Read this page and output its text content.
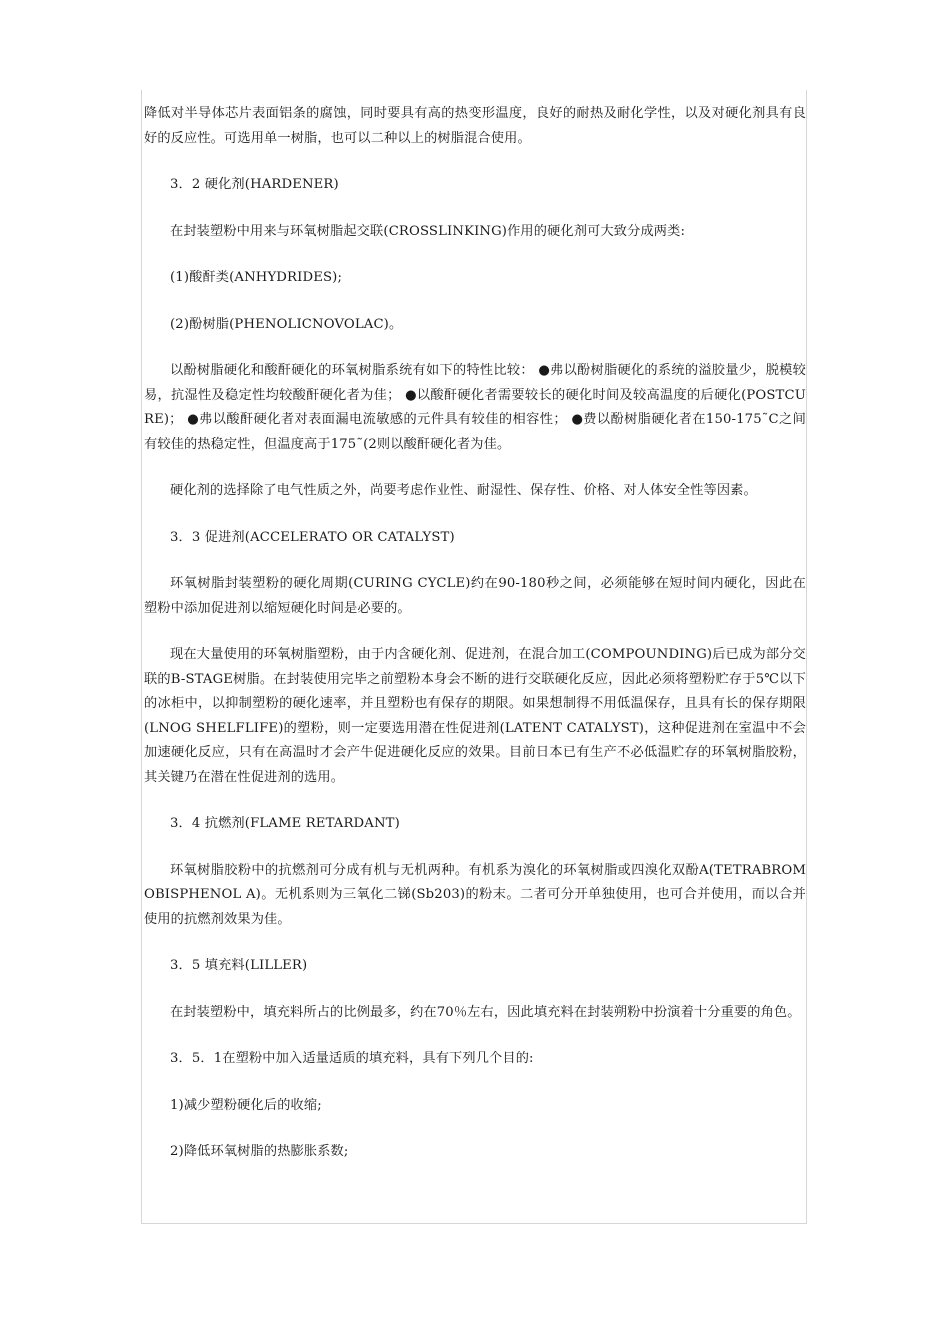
降低对半导体芯片表面铝条的腐蚀，同时要具有高的热变形温度，良好的耐热及耐化学性，以及对硬化剂具有良好的反应性。可选用单一树脂，也可以二种以上的树脂混合使用。

3．2 硬化剂(HARDENER)

在封装塑粉中用来与环氧树脂起交联(CROSSLINKING)作用的硬化剂可大致分成两类:

(1)酸酐类(ANHYDRIDES);

(2)酚树脂(PHENOLICNOVOLAC)。

以酚树脂硬化和酸酐硬化的环氧树脂系统有如下的特性比较： ●弗以酚树脂硬化的系统的溢胶量少，脱模较易，抗湿性及稳定性均较酸酐硬化者为佳； ●以酸酐硬化者需要较长的硬化时间及较高温度的后硬化(POSTCURE)； ●弗以酸酐硬化者对表面漏电流敏感的元件具有较佳的相容性； ●费以酚树脂硬化者在150-175˜C之间有较佳的热稳定性，但温度高于175˜(2则以酸酐硬化者为佳。

硬化剂的选择除了电气性质之外，尚要考虑作业性、耐湿性、保存性、价格、对人体安全性等因素。

3．3 促进剂(ACCELERATO OR CATALYST)

环氧树脂封装塑粉的硬化周期(CURING CYCLE)约在90-180秒之间，必须能够在短时间内硬化，因此在塑粉中添加促进剂以缩短硬化时间是必要的。

现在大量使用的环氧树脂塑粉，由于内含硬化剂、促进剂，在混合加工(COMPOUNDING)后已成为部分交联的B-STAGE树脂。在封装使用完毕之前塑粉本身会不断的进行交联硬化反应，因此必须将塑粉贮存于5℃以下的冰柜中，以抑制塑粉的硬化速率，并且塑粉也有保存的期限。如果想制得不用低温保存，且具有长的保存期限(LNOG SHELFLIFE)的塑粉，则一定要选用潜在性促进剂(LATENT CATALYST)，这种促进剂在室温中不会加速硬化反应，只有在高温时才会产牛促进硬化反应的效果。目前日本已有生产不必低温贮存的环氧树脂胶粉，其关键乃在潜在性促进剂的选用。

3．4 抗燃剂(FLAME RETARDANT)

环氧树脂胶粉中的抗燃剂可分成有机与无机两种。有机系为溴化的环氧树脂或四溴化双酚A(TETRABROMOBISPHENOL A)。无机系则为三氧化二锑(Sb203)的粉末。二者可分开单独使用，也可合并使用，而以合并使用的抗燃剂效果为佳。

3．5 填充料(LILLER)

在封装塑粉中，填充料所占的比例最多，约在70％左右，因此填充料在封装朔粉中扮演着十分重要的角色。

3．5．1在塑粉中加入适量适质的填充料，具有下列几个目的:

1)减少塑粉硬化后的收缩;

2)降低环氧树脂的热膨胀系数;
